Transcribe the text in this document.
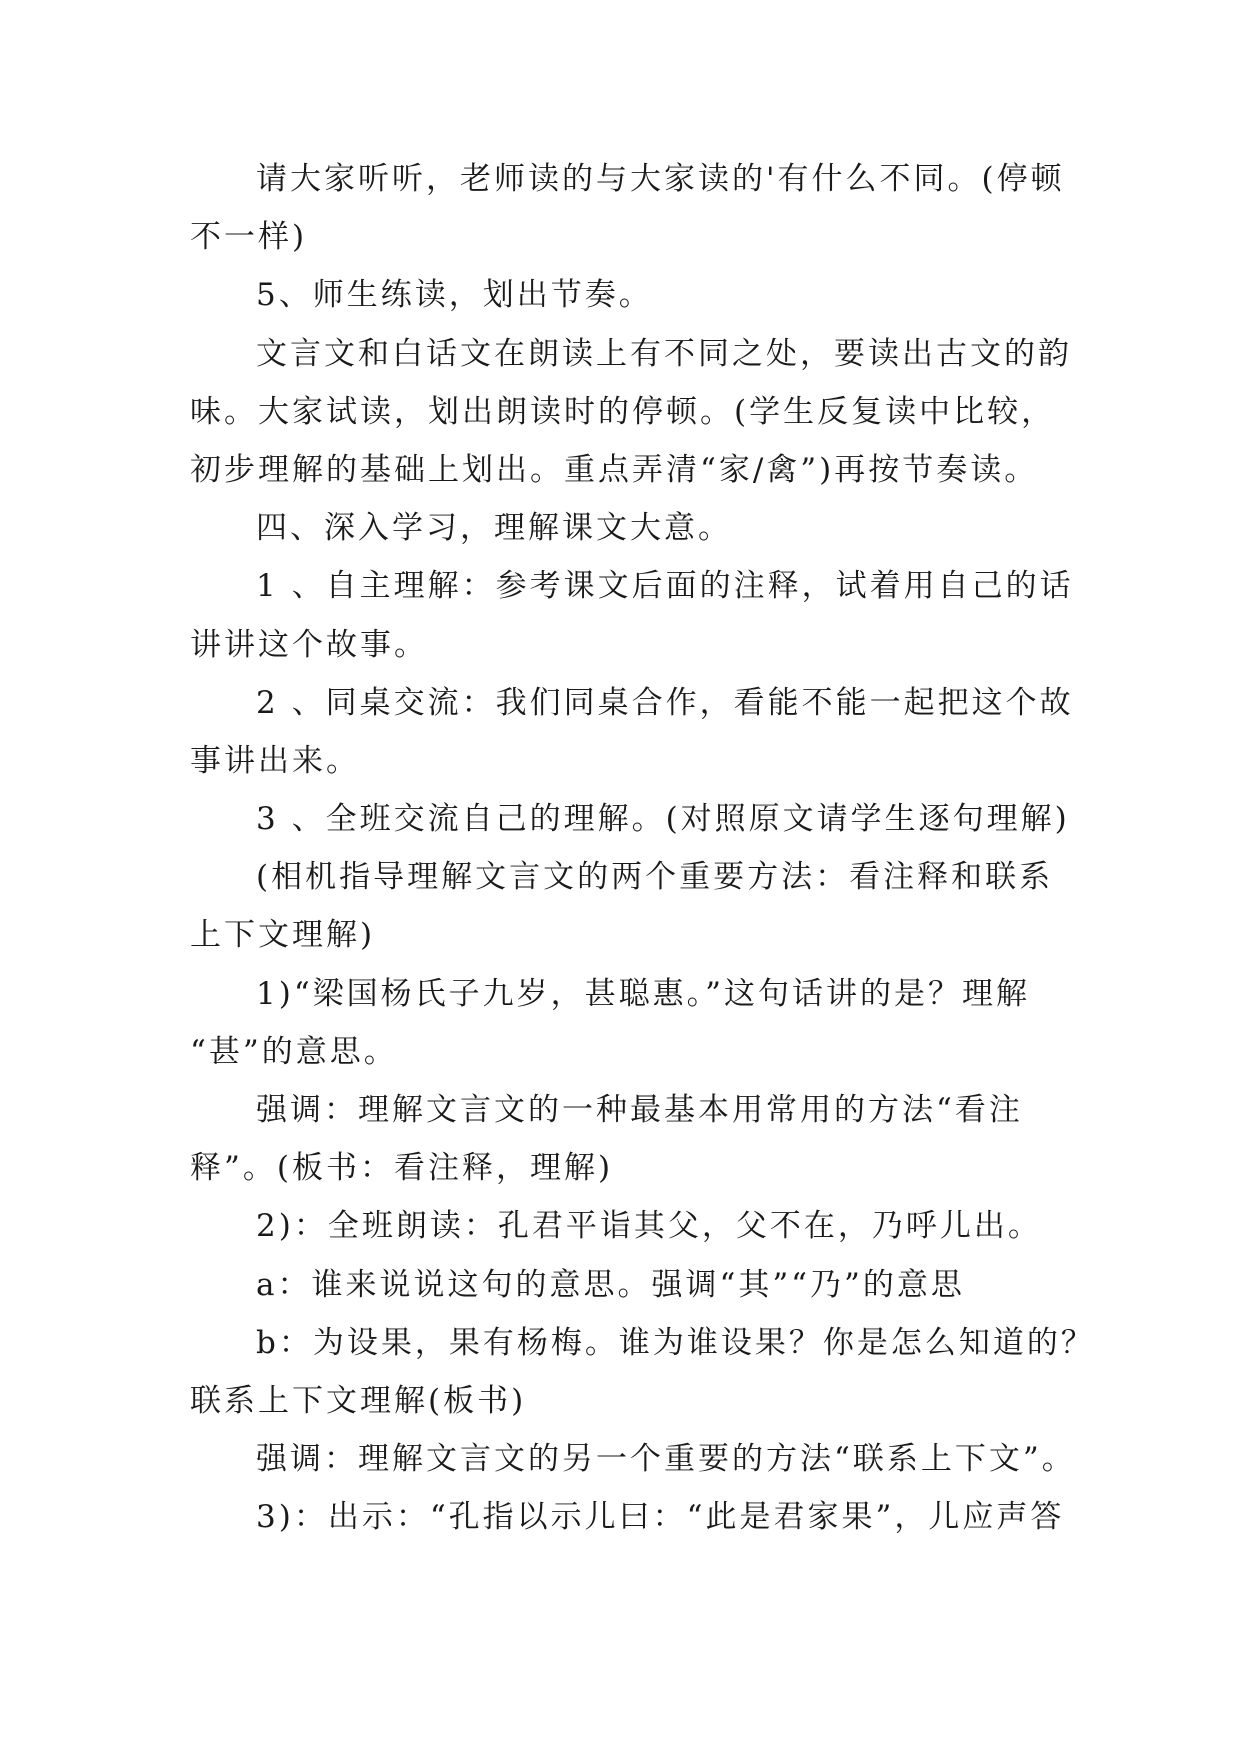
请大家听听，老师读的与大家读的'有什么不同。(停顿
不一样)
5、师生练读，划出节奏。
文言文和白话文在朗读上有不同之处，要读出古文的韵
味。大家试读，划出朗读时的停顿。(学生反复读中比较，
初步理解的基础上划出。重点弄清“家/禽”)再按节奏读。
四、深入学习，理解课文大意。
1 、自主理解：参考课文后面的注释，试着用自己的话
讲讲这个故事。
2 、同桌交流：我们同桌合作，看能不能一起把这个故
事讲出来。
3 、全班交流自己的理解。(对照原文请学生逐句理解)
(相机指导理解文言文的两个重要方法：看注释和联系
上下文理解)
1)“梁国杨氏子九岁，甚聪惠。”这句话讲的是？理解
“甚”的意思。
强调：理解文言文的一种最基本用常用的方法“看注
释”。(板书：看注释，理解)
2)：全班朗读：孔君平诣其父，父不在，乃呼儿出。
a：谁来说说这句的意思。强调“其”“乃”的意思
b：为设果，果有杨梅。谁为谁设果？你是怎么知道的？
联系上下文理解(板书)
强调：理解文言文的另一个重要的方法“联系上下文”。
3)：出示：“孔指以示儿曰：“此是君家果”，儿应声答
